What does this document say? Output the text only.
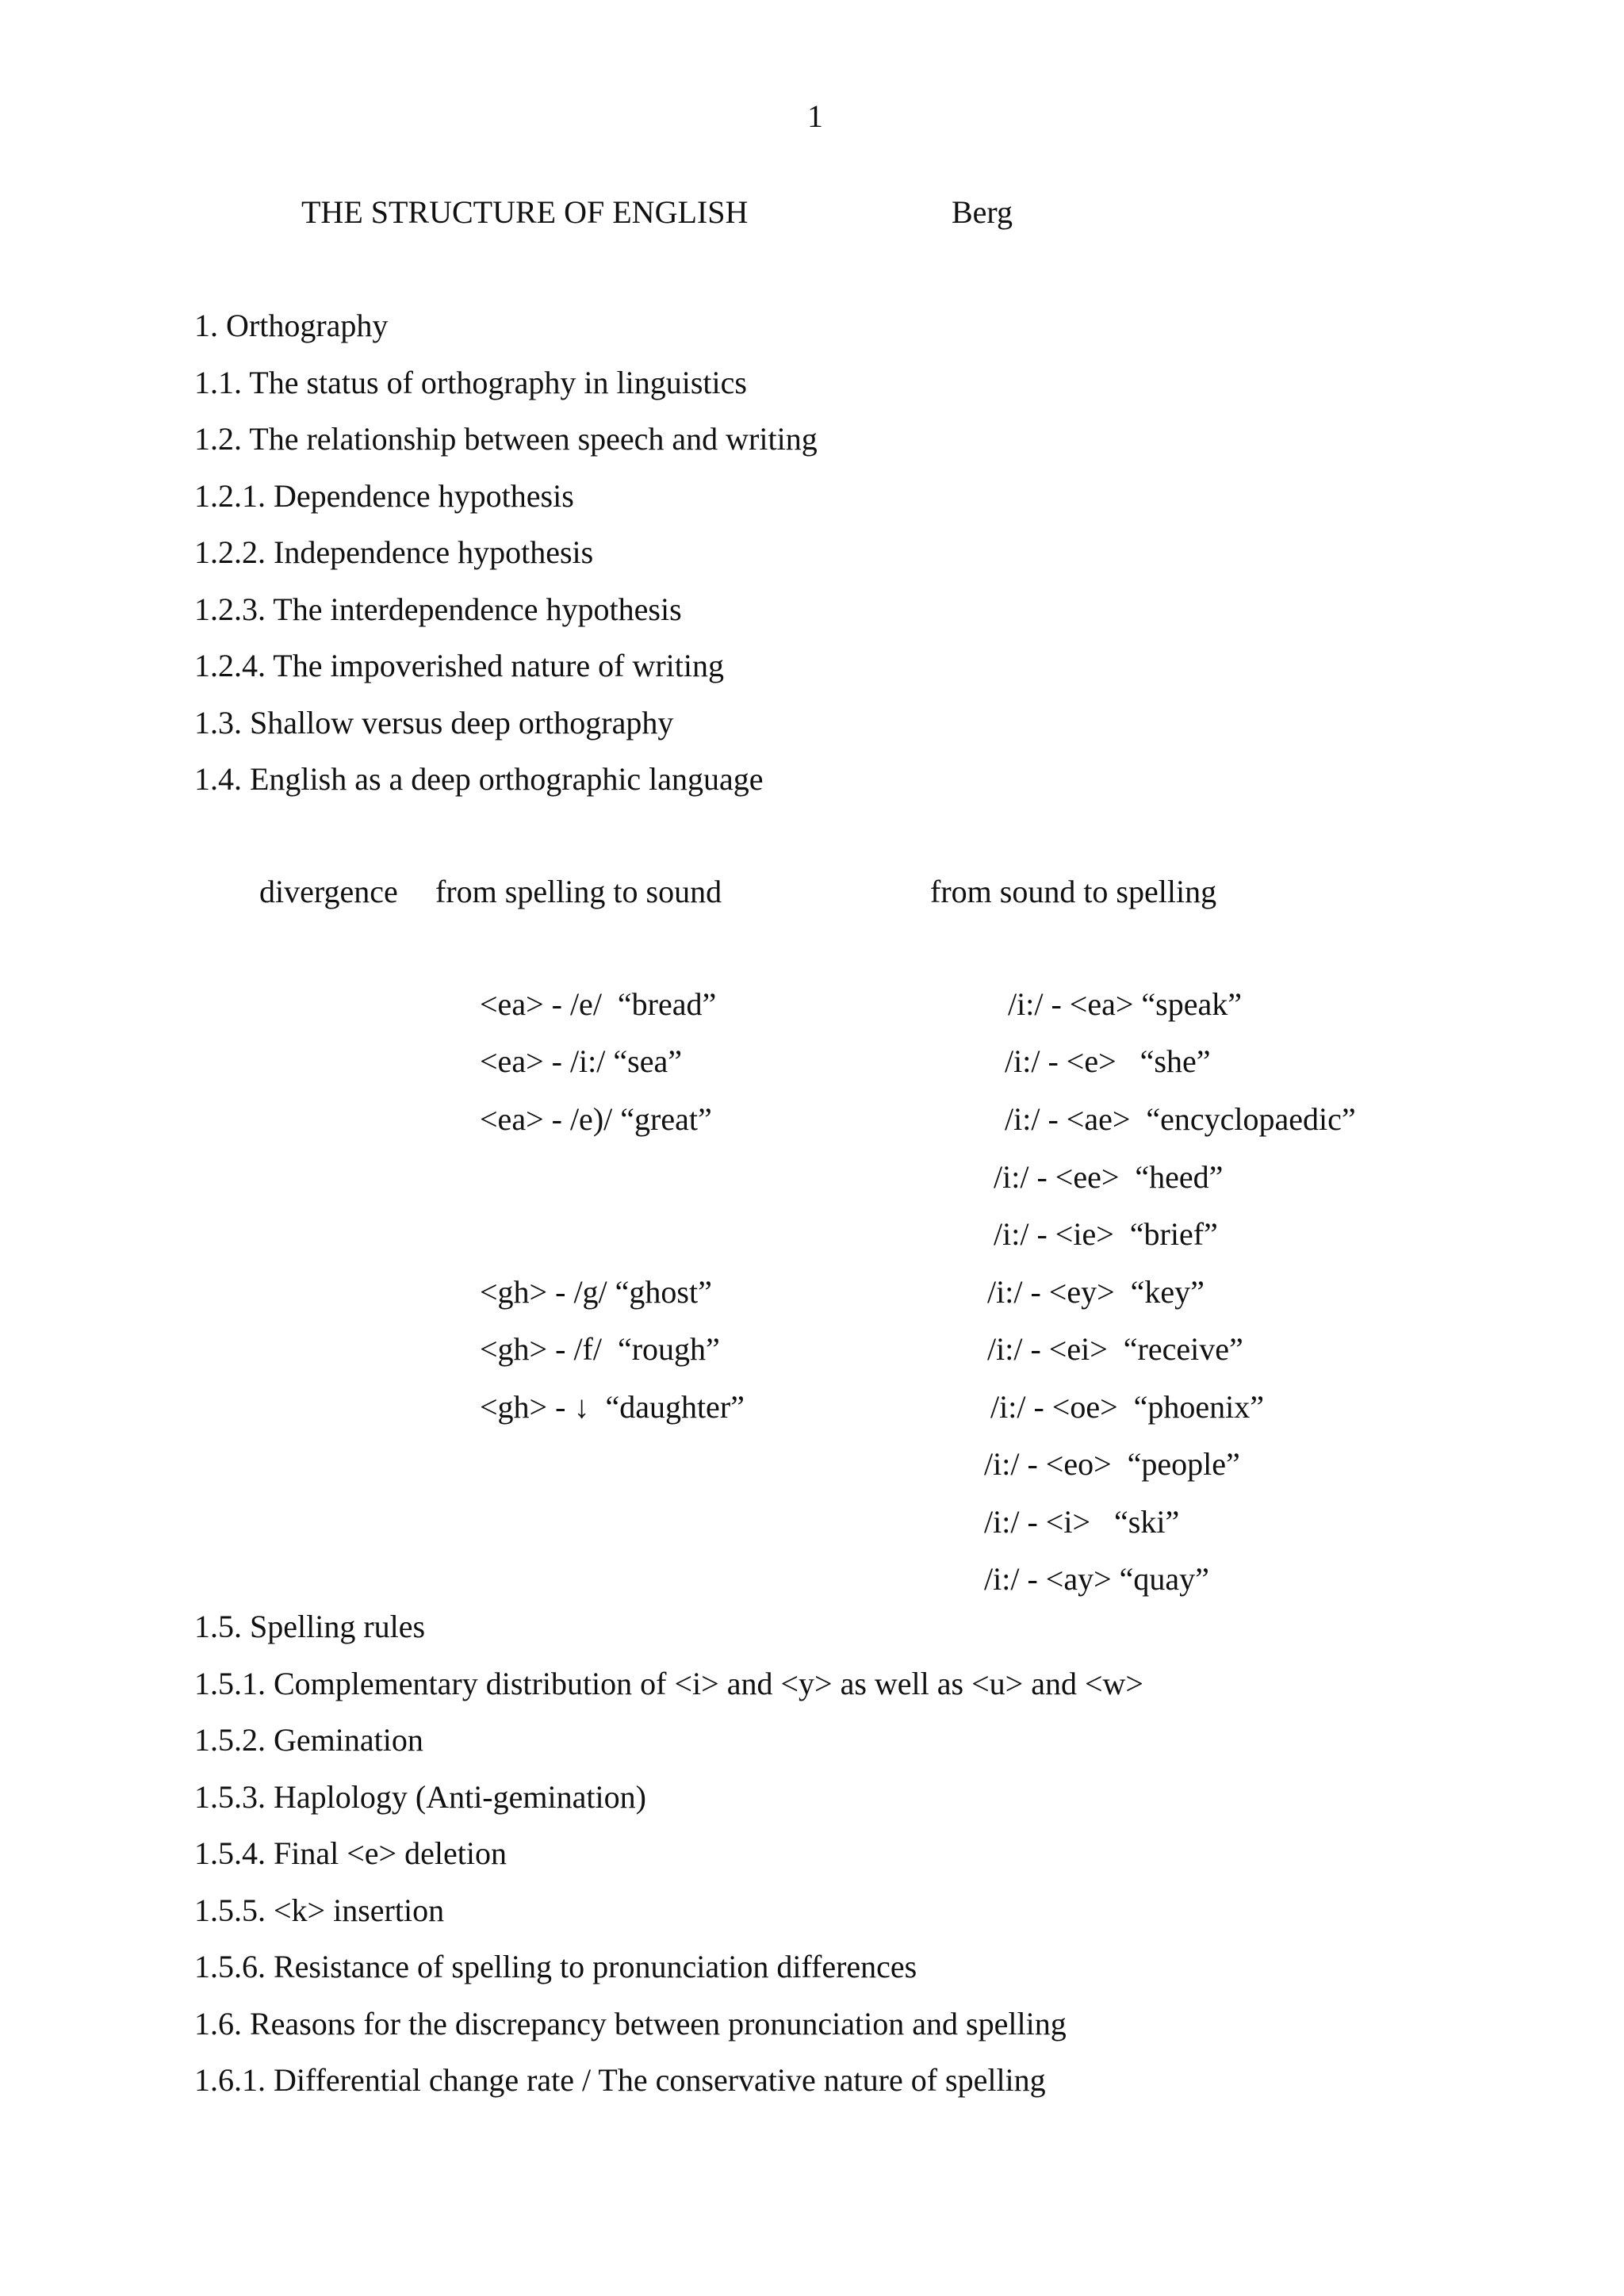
1
THE STRUCTURE OF ENGLISH	Berg
1. Orthography
1.1. The status of orthography in linguistics
1.2. The relationship between speech and writing
1.2.1. Dependence hypothesis
1.2.2. Independence hypothesis
1.2.3. The interdependence hypothesis
1.2.4. The impoverished nature of writing
1.3. Shallow versus deep orthography
1.4. English as a deep orthographic language
divergence from spelling to sound	from sound to spelling
<ea> - /e/  “bread”
<ea> - /i:/ “sea”
<ea> - /e)/ “great”
<gh> - /g/ “ghost”
<gh> - /f/  “rough”
<gh> - ↓  “daughter”
/i:/ - <ea> “speak”
/i:/ - <e>   “she”
/i:/ - <ae>  “encyclopaedic”
/i:/ - <ee>  “heed”
/i:/ - <ie>  “brief”
/i:/ - <ey>  “key”
/i:/ - <ei>  “receive”
/i:/ - <oe>  “phoenix”
/i:/ - <eo>  “people”
/i:/ - <i>   “ski”
/i:/ - <ay> “quay”
1.5. Spelling rules
1.5.1. Complementary distribution of <i> and <y> as well as <u> and <w>
1.5.2. Gemination
1.5.3. Haplology (Anti-gemination)
1.5.4. Final <e> deletion
1.5.5. <k> insertion
1.5.6. Resistance of spelling to pronunciation differences
1.6. Reasons for the discrepancy between pronunciation and spelling
1.6.1. Differential change rate / The conservative nature of spelling
